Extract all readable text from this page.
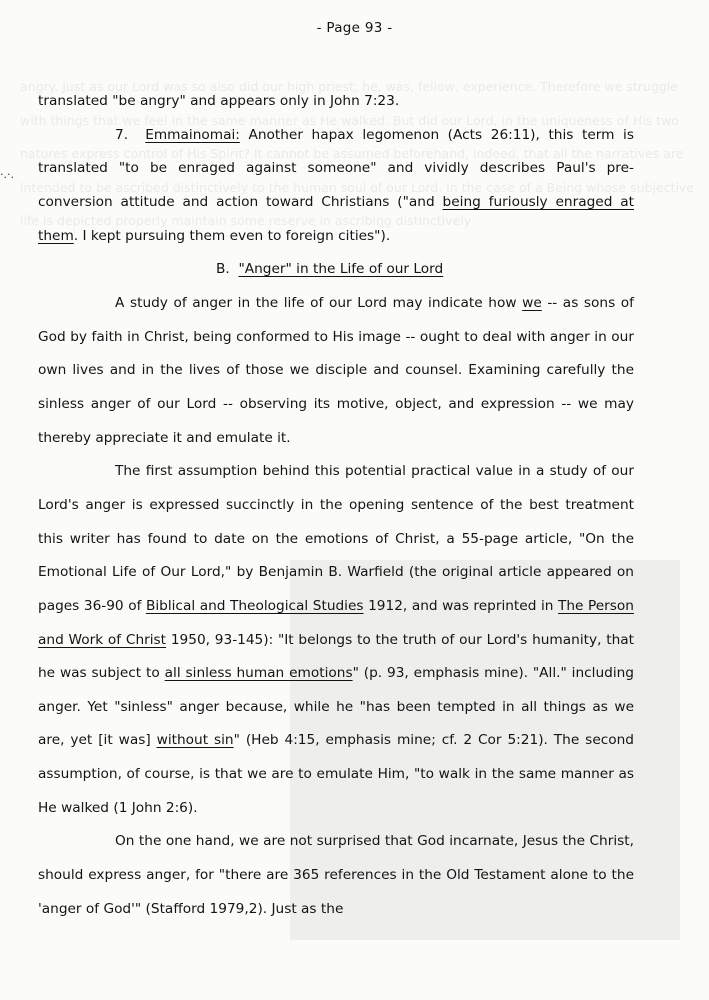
angry. Just as our Lord was so also did our high priest; he, was, fellow, experience. Therefore we struggle with things that we feel in the same manner as He walked. But did our Lord, in the uniqueness of His two natures express control of His Spirit? It cannot be assumed beforehand, indeed, that all the narratives are intended to be ascribed distinctively to the human soul of our Lord. In the case of a Being whose subjective life is depicted properly maintain some reserve in ascribing distinctively
- Page 93 -
·.·.

translated "be angry" and appears only in John 7:23.

7. Emmainomai: Another hapax legomenon (Acts 26:11), this term is translated "to be enraged against someone" and vividly describes Paul's pre-conversion attitude and action toward Christians ("and being furiously enraged at them. I kept pursuing them even to foreign cities").

B. "Anger" in the Life of our Lord

A study of anger in the life of our Lord may indicate how we -- as sons of God by faith in Christ, being conformed to His image -- ought to deal with anger in our own lives and in the lives of those we disciple and counsel. Examining carefully the sinless anger of our Lord -- observing its motive, object, and expression -- we may thereby appreciate it and emulate it.

The first assumption behind this potential practical value in a study of our Lord's anger is expressed succinctly in the opening sentence of the best treatment this writer has found to date on the emotions of Christ, a 55-page article, "On the Emotional Life of Our Lord," by Benjamin B. Warfield (the original article appeared on pages 36-90 of Biblical and Theological Studies 1912, and was reprinted in The Person and Work of Christ 1950, 93-145): "It belongs to the truth of our Lord's humanity, that he was subject to all sinless human emotions" (p. 93, emphasis mine). "All." including anger. Yet "sinless" anger because, while he "has been tempted in all things as we are, yet [it was] without sin" (Heb 4:15, emphasis mine; cf. 2 Cor 5:21). The second assumption, of course, is that we are to emulate Him, "to walk in the same manner as He walked (1 John 2:6).

On the one hand, we are not surprised that God incarnate, Jesus the Christ, should express anger, for "there are 365 references in the Old Testament alone to the 'anger of God'" (Stafford 1979,2). Just as the
